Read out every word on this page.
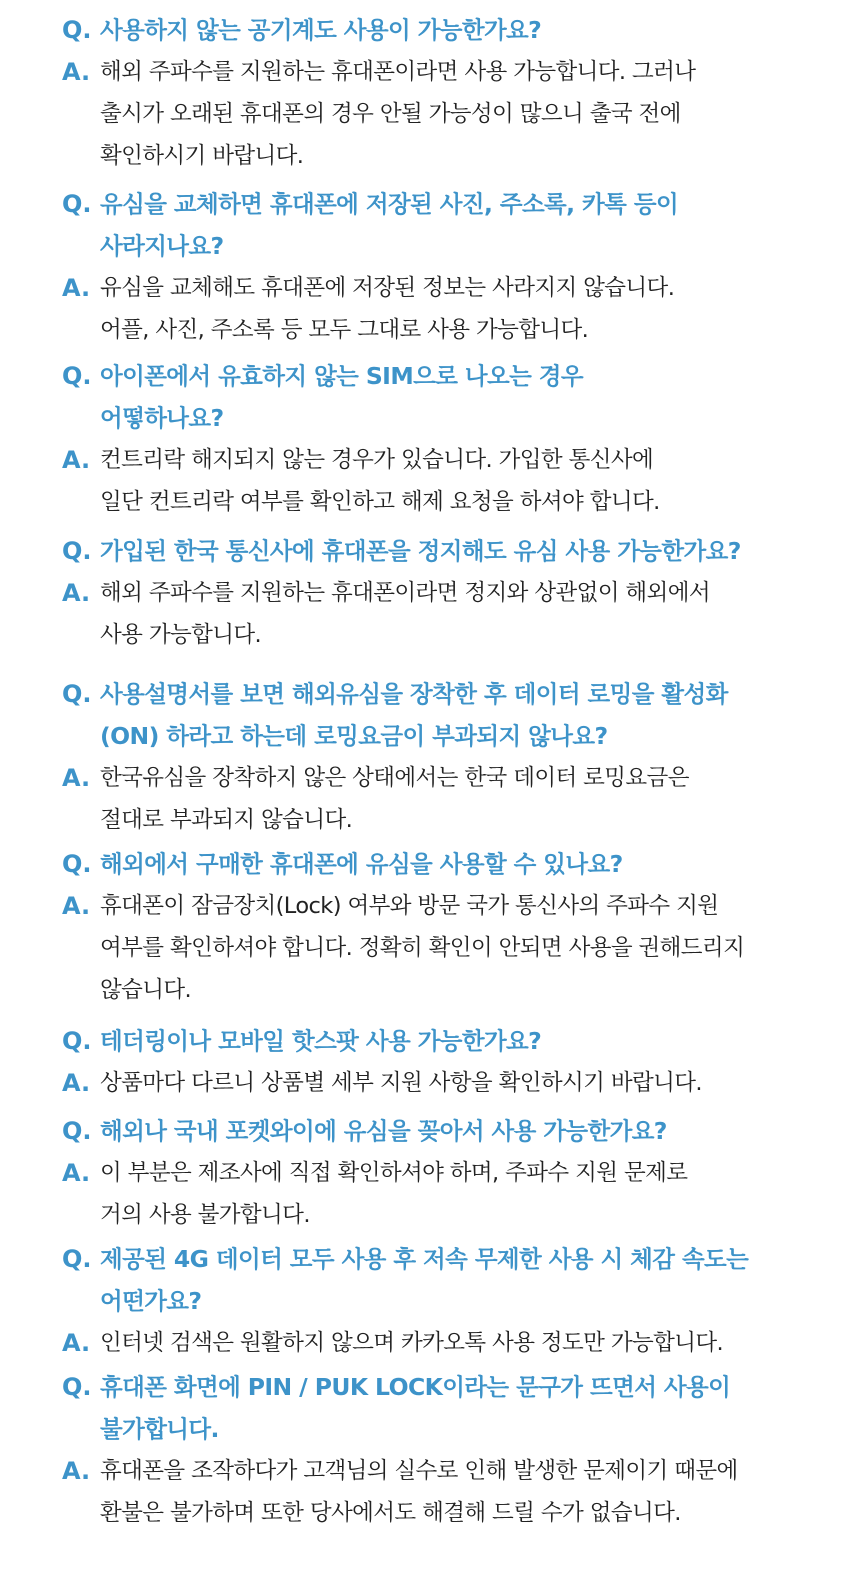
Q. 사용하지 않는 공기계도 사용이 가능한가요?
A. 해외 주파수를 지원하는 휴대폰이라면 사용 가능합니다. 그러나
출시가 오래된 휴대폰의 경우 안될 가능성이 많으니 출국 전에
확인하시기 바랍니다.
Q. 유심을 교체하면 휴대폰에 저장된 사진, 주소록, 카톡 등이
사라지나요?
A. 유심을 교체해도 휴대폰에 저장된 정보는 사라지지 않습니다.
어플, 사진, 주소록 등 모두 그대로 사용 가능합니다.
Q. 아이폰에서 유효하지 않는 SIM으로 나오는 경우
어떻하나요?
A. 컨트리락 해지되지 않는 경우가 있습니다. 가입한 통신사에
일단 컨트리락 여부를 확인하고 해제 요청을 하셔야 합니다.
Q. 가입된 한국 통신사에 휴대폰을 정지해도 유심 사용 가능한가요?
A. 해외 주파수를 지원하는 휴대폰이라면 정지와 상관없이 해외에서
사용 가능합니다.
Q. 사용설명서를 보면 해외유심을 장착한 후 데이터 로밍을 활성화
(ON) 하라고 하는데 로밍요금이 부과되지 않나요?
A. 한국유심을 장착하지 않은 상태에서는 한국 데이터 로밍요금은
절대로 부과되지 않습니다.
Q. 해외에서 구매한 휴대폰에 유심을 사용할 수 있나요?
A. 휴대폰이 잠금장치(Lock) 여부와 방문 국가 통신사의 주파수 지원
여부를 확인하셔야 합니다. 정확히 확인이 안되면 사용을 권해드리지
않습니다.
Q. 테더링이나 모바일 핫스팟 사용 가능한가요?
A. 상품마다 다르니 상품별 세부 지원 사항을 확인하시기 바랍니다.
Q. 해외나 국내 포켓와이에 유심을 꽂아서 사용 가능한가요?
A. 이 부분은 제조사에 직접 확인하셔야 하며, 주파수 지원 문제로
거의 사용 불가합니다.
Q. 제공된 4G 데이터 모두 사용 후 저속 무제한 사용 시 체감 속도는
어떤가요?
A. 인터넷 검색은 원활하지 않으며 카카오톡 사용 정도만 가능합니다.
Q. 휴대폰 화면에 PIN / PUK LOCK이라는 문구가 뜨면서 사용이
불가합니다.
A. 휴대폰을 조작하다가 고객님의 실수로 인해 발생한 문제이기 때문에
환불은 불가하며 또한 당사에서도 해결해 드릴 수가 없습니다.
